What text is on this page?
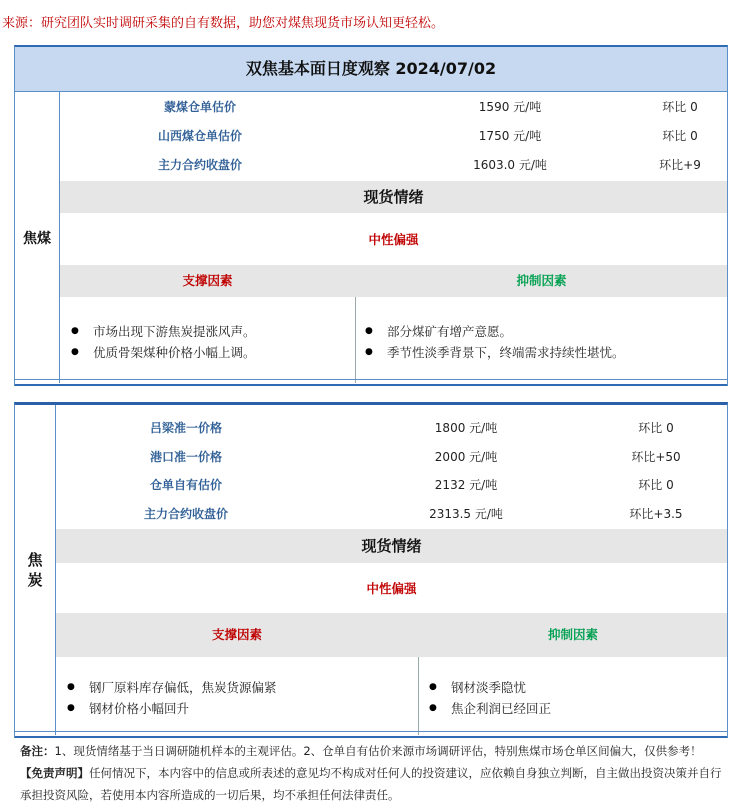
来源：研究团队实时调研采集的自有数据，助您对煤焦现货市场认知更轻松。
双焦基本面日度观察 2024/07/02
焦煤
蒙煤仓单估价	1590 元/吨	环比 0
山西煤仓单估价	1750 元/吨	环比 0
主力合约收盘价	1603.0 元/吨	环比+9
现货情绪
中性偏强
支撑因素	抑制因素
● 市场出现下游焦炭提涨风声。
● 优质骨架煤种价格小幅上调。
● 部分煤矿有增产意愿。
● 季节性淡季背景下，终端需求持续性堪忧。
焦
炭
吕梁准一价格	1800 元/吨	环比 0
港口准一价格	2000 元/吨	环比+50
仓单自有估价	2132 元/吨	环比 0
主力合约收盘价	2313.5 元/吨	环比+3.5
现货情绪
中性偏强
支撑因素	抑制因素
● 钢厂原料库存偏低，焦炭货源偏紧
● 钢材价格小幅回升
● 钢材淡季隐忧
● 焦企利润已经回正
备注：1、现货情绪基于当日调研随机样本的主观评估。2、仓单自有估价来源市场调研评估，特别焦煤市场仓单区间偏大，仅供参考！
【免责声明】任何情况下，本内容中的信息或所表述的意见均不构成对任何人的投资建议，应依赖自身独立判断，自主做出投资决策并自行承担投资风险，若使用本内容所造成的一切后果，均不承担任何法律责任。
